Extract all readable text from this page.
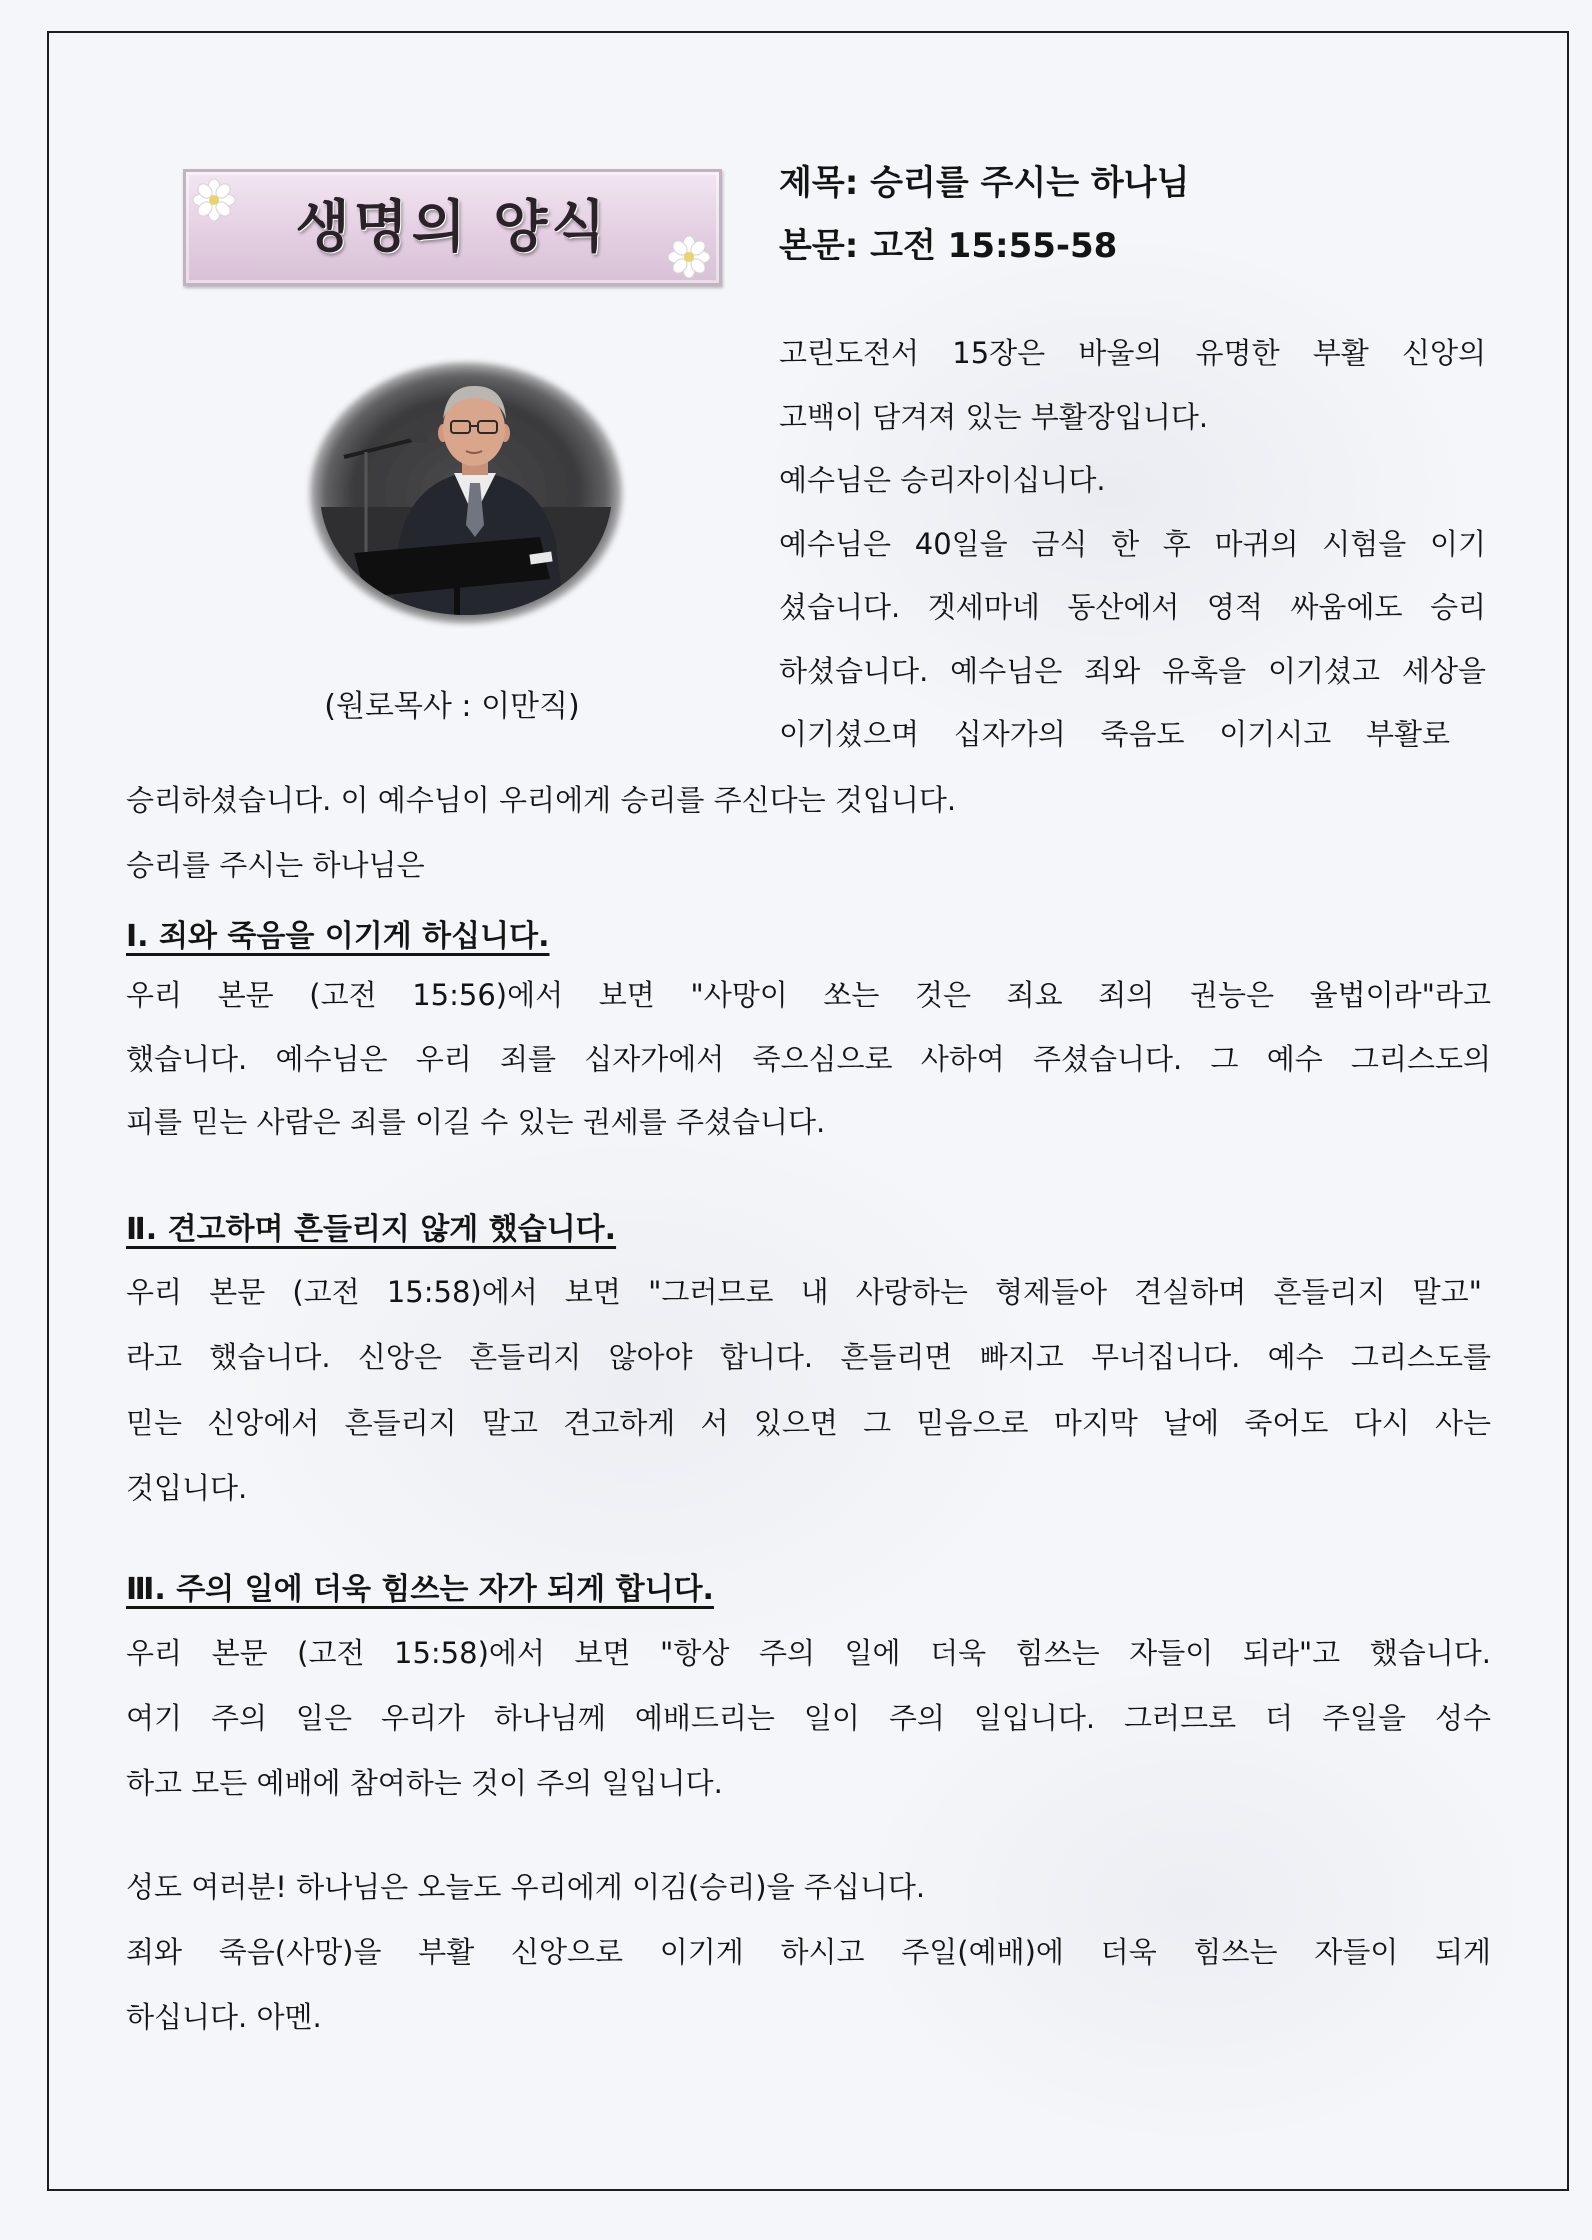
생명의 양식
제목: 승리를 주시는 하나님
본문: 고전 15:55-58
(원로목사 : 이만직)
고린도전서 15장은 바울의 유명한 부활 신앙의
고백이 담겨져 있는 부활장입니다.
예수님은 승리자이십니다.
예수님은 40일을 금식 한 후 마귀의 시험을 이기
셨습니다. 겟세마네 동산에서 영적 싸움에도 승리
하셨습니다. 예수님은 죄와 유혹을 이기셨고 세상을
이기셨으며 십자가의 죽음도 이기시고 부활로
승리하셨습니다. 이 예수님이 우리에게 승리를 주신다는 것입니다.
승리를 주시는 하나님은
Ⅰ. 죄와 죽음을 이기게 하십니다.
우리 본문 (고전 15:56)에서 보면 "사망이 쏘는 것은 죄요 죄의 권능은 율법이라"라고
했습니다. 예수님은 우리 죄를 십자가에서 죽으심으로 사하여 주셨습니다. 그 예수 그리스도의
피를 믿는 사람은 죄를 이길 수 있는 권세를 주셨습니다.
Ⅱ. 견고하며 흔들리지 않게 했습니다.
우리 본문 (고전 15:58)에서 보면 "그러므로 내 사랑하는 형제들아 견실하며 흔들리지 말고"
라고 했습니다. 신앙은 흔들리지 않아야 합니다. 흔들리면 빠지고 무너집니다. 예수 그리스도를
믿는 신앙에서 흔들리지 말고 견고하게 서 있으면 그 믿음으로 마지막 날에 죽어도 다시 사는
것입니다.
Ⅲ. 주의 일에 더욱 힘쓰는 자가 되게 합니다.
우리 본문 (고전 15:58)에서 보면 "항상 주의 일에 더욱 힘쓰는 자들이 되라"고 했습니다.
여기 주의 일은 우리가 하나님께 예배드리는 일이 주의 일입니다. 그러므로 더 주일을 성수
하고 모든 예배에 참여하는 것이 주의 일입니다.
성도 여러분! 하나님은 오늘도 우리에게 이김(승리)을 주십니다.
죄와 죽음(사망)을 부활 신앙으로 이기게 하시고 주일(예배)에 더욱 힘쓰는 자들이 되게
하십니다. 아멘.
